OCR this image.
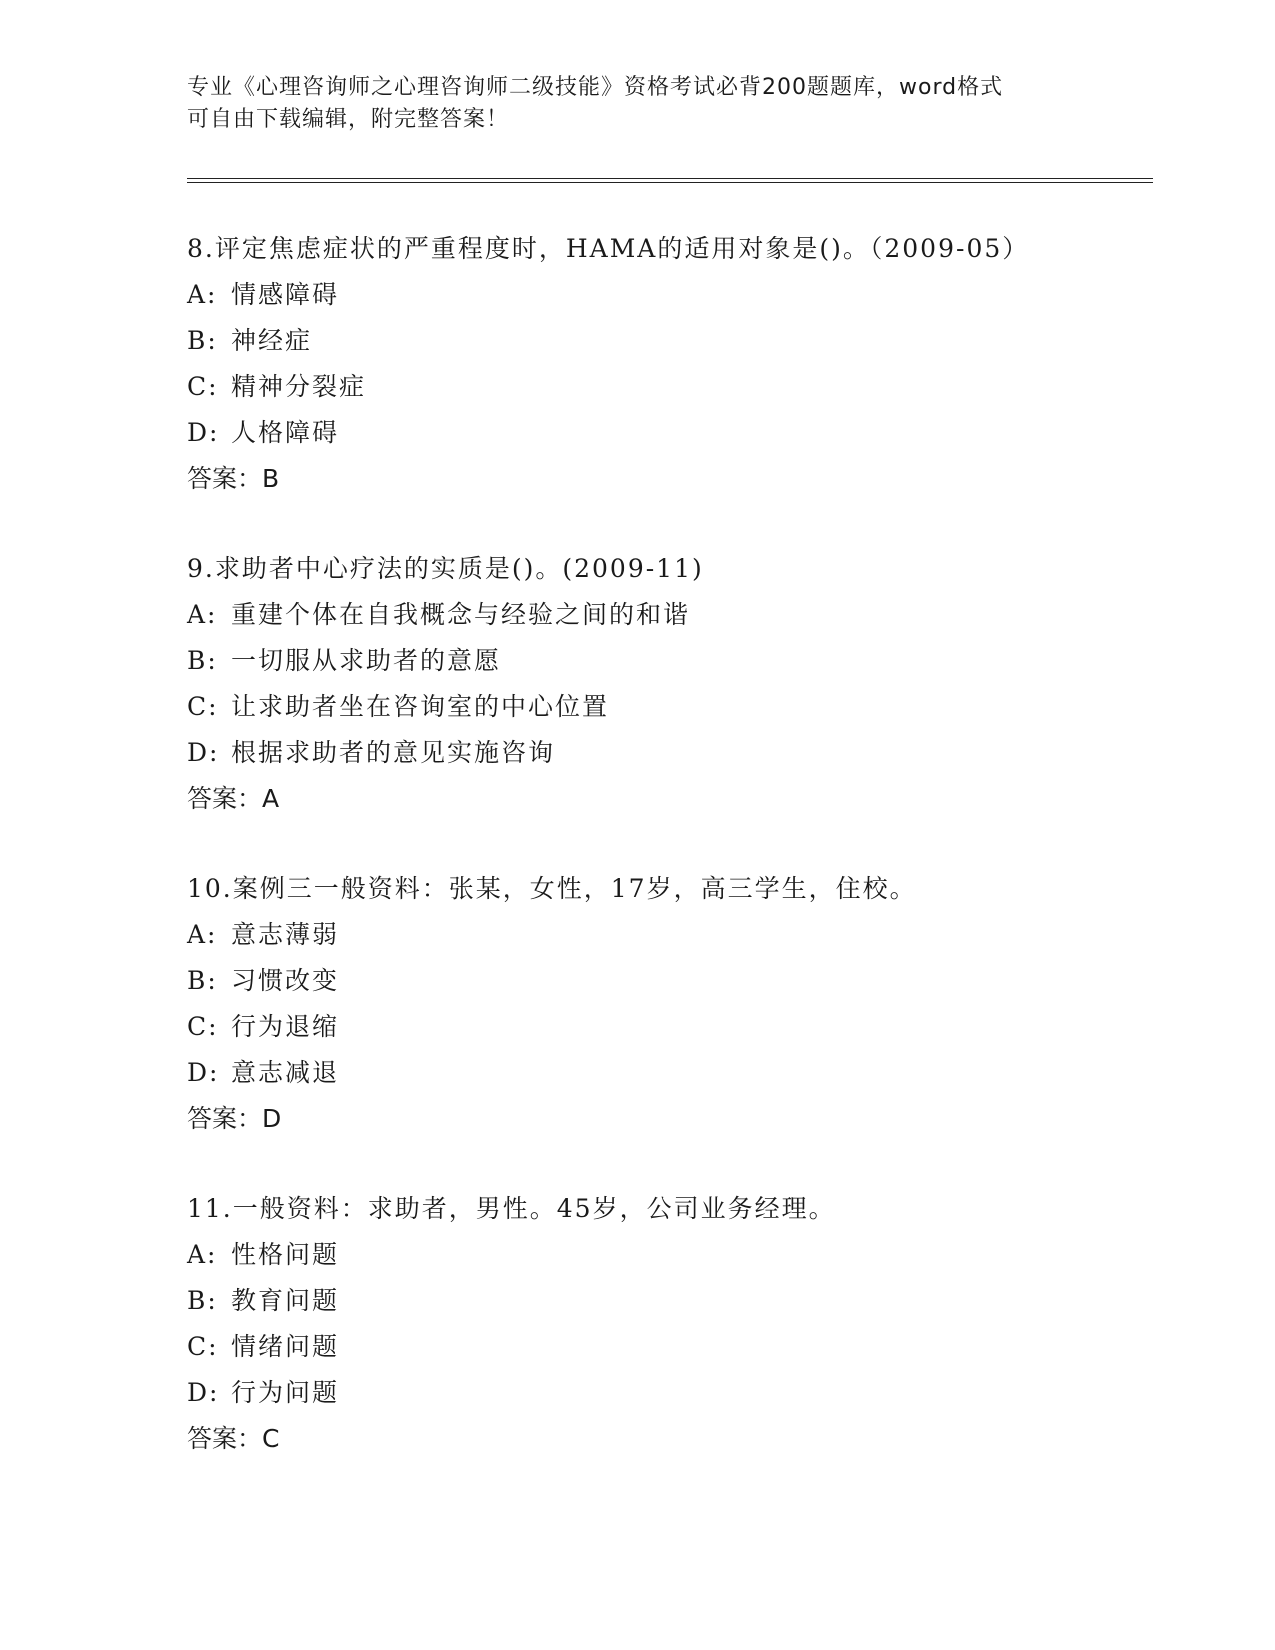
专业《心理咨询师之心理咨询师二级技能》资格考试必背200题题库，word格式
可自由下载编辑，附完整答案！
8.评定焦虑症状的严重程度时，HAMA的适用对象是()。（2009-05）
A: 情感障碍
B: 神经症
C: 精神分裂症
D: 人格障碍
答案：B
9.求助者中心疗法的实质是()。(2009-11)
A: 重建个体在自我概念与经验之间的和谐
B: 一切服从求助者的意愿
C: 让求助者坐在咨询室的中心位置
D: 根据求助者的意见实施咨询
答案：A
10.案例三一般资料：张某，女性，17岁，高三学生，住校。
A: 意志薄弱
B: 习惯改变
C: 行为退缩
D: 意志减退
答案：D
11.一般资料：求助者，男性。45岁，公司业务经理。
A: 性格问题
B: 教育问题
C: 情绪问题
D: 行为问题
答案：C
